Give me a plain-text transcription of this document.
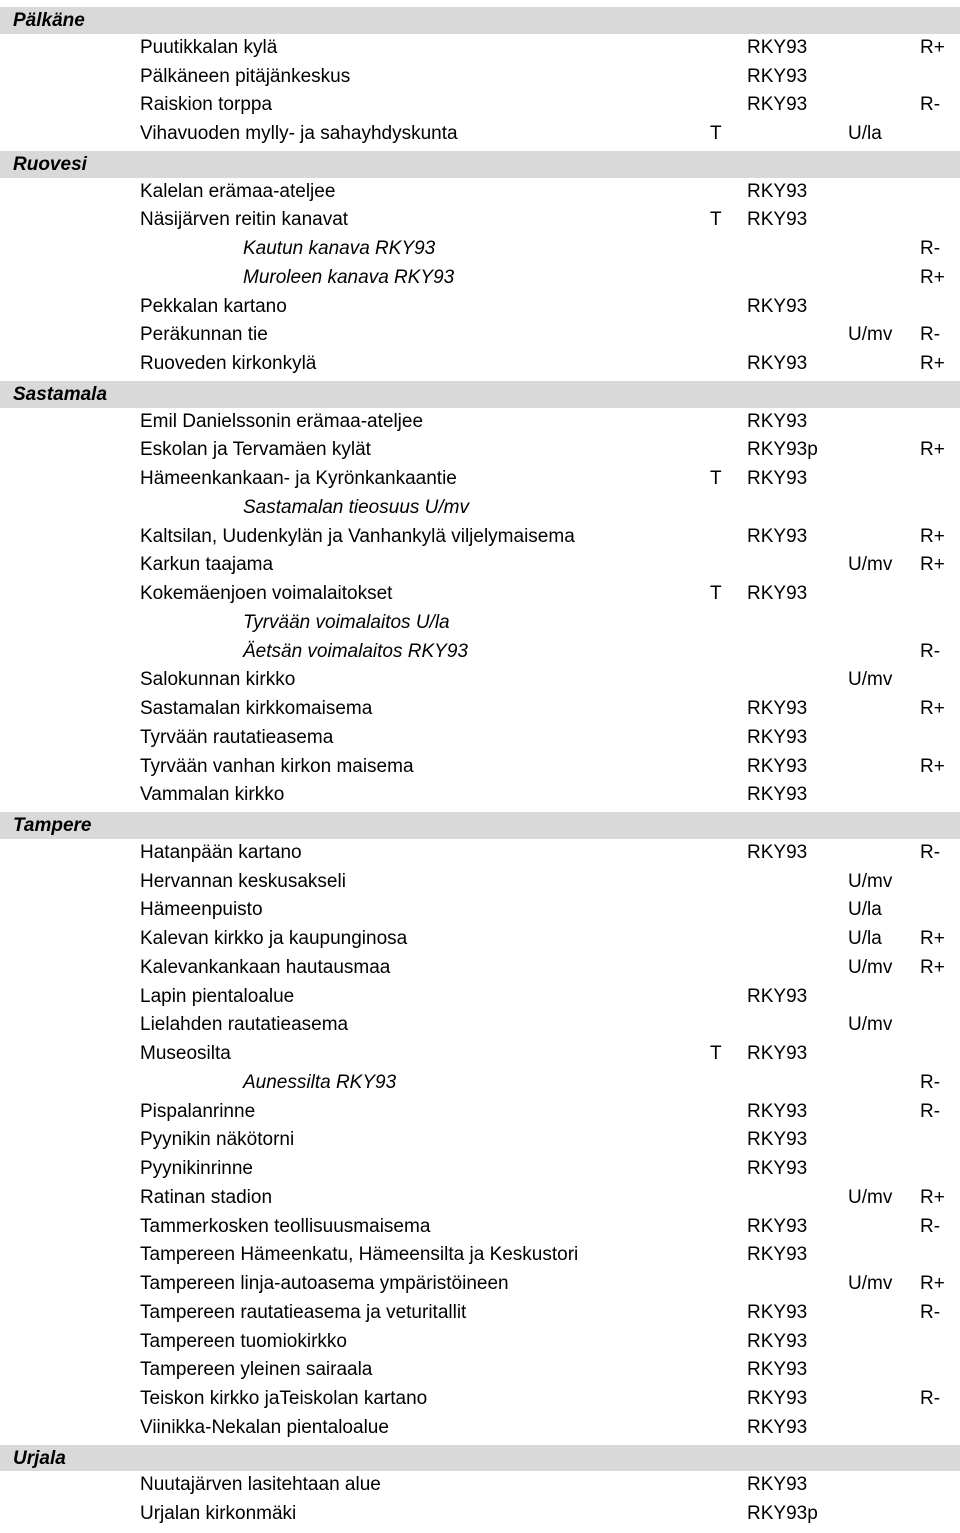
Pälkäne
Puutikkalan kylä	RKY93	R+
Pälkäneen pitäjänkeskus	RKY93
Raiskion torppa	RKY93	R-
Vihavuoden mylly- ja sahayhdyskunta	T	U/la
Ruovesi
Kalelan erämaa-ateljee	RKY93
Näsijärven reitin kanavat	T RKY93
Kautun kanava RKY93	R-
Muroleen kanava RKY93	R+
Pekkalan kartano	RKY93
Peräkunnan tie	U/mv R-
Ruoveden kirkonkylä	RKY93	R+
Sastamala
Emil Danielssonin erämaa-ateljee	RKY93
Eskolan ja Tervamäen kylät	RKY93p	R+
Hämeenkankaan- ja Kyrönkankaantie	T RKY93
Sastamalan tieosuus U/mv
Kaltsilan, Uudenkylän ja Vanhankylä viljelymaisema	RKY93	R+
Karkun taajama	U/mv R+
Kokemäenjoen voimalaitokset	T RKY93
Tyrvään voimalaitos U/la
Äetsän voimalaitos RKY93	R-
Salokunnan kirkko	U/mv
Sastamalan kirkkomaisema	RKY93	R+
Tyrvään rautatieasema	RKY93
Tyrvään vanhan kirkon maisema	RKY93	R+
Vammalan kirkko	RKY93
Tampere
Hatanpään kartano	RKY93	R-
Hervannan keskusakseli	U/mv
Hämeenpuisto	U/la
Kalevan kirkko ja kaupunginosa	U/la R+
Kalevankankaan hautausmaa	U/mv R+
Lapin pientaloalue	RKY93
Lielahden rautatieasema	U/mv
Museosilta	T RKY93
Aunessilta RKY93	R-
Pispalanrinne	RKY93	R-
Pyynikin näkötorni	RKY93
Pyynikinrinne	RKY93
Ratinan stadion	U/mv R+
Tammerkosken teollisuusmaisema	RKY93	R-
Tampereen Hämeenkatu, Hämeensilta ja Keskustori	RKY93
Tampereen linja-autoasema ympäristöineen	U/mv R+
Tampereen rautatieasema ja veturitallit	RKY93	R-
Tampereen tuomiokirkko	RKY93
Tampereen yleinen sairaala	RKY93
Teiskon kirkko jaTeiskolan kartano	RKY93	R-
Viinikka-Nekalan pientaloalue	RKY93
Urjala
Nuutajärven lasitehtaan alue	RKY93
Urjalan kirkonmäki	RKY93p
